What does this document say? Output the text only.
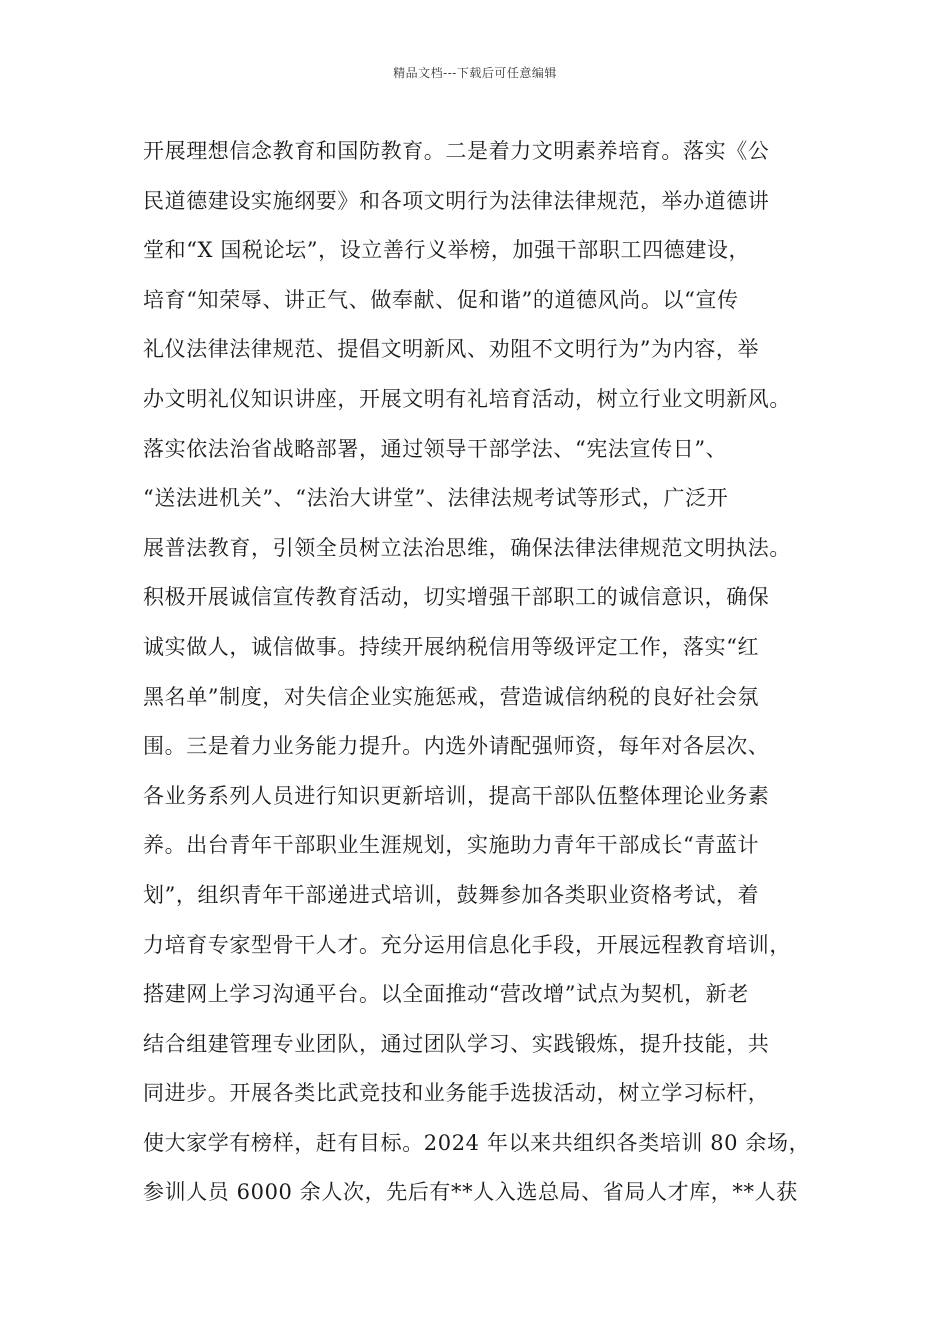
精品文档---下载后可任意编辑
开展理想信念教育和国防教育。二是着力文明素养培育。落实《公
民道德建设实施纲要》和各项文明行为法律法律规范，举办道德讲
堂和“X 国税论坛”，设立善行义举榜，加强干部职工四德建设，
培育“知荣辱、讲正气、做奉献、促和谐”的道德风尚。以“宣传
礼仪法律法律规范、提倡文明新风、劝阻不文明行为”为内容，举
办文明礼仪知识讲座，开展文明有礼培育活动，树立行业文明新风。
落实依法治省战略部署，通过领导干部学法、“宪法宣传日”、
“送法进机关”、“法治大讲堂”、法律法规考试等形式，广泛开
展普法教育，引领全员树立法治思维，确保法律法律规范文明执法。
积极开展诚信宣传教育活动，切实增强干部职工的诚信意识，确保
诚实做人，诚信做事。持续开展纳税信用等级评定工作，落实“红
黑名单”制度，对失信企业实施惩戒，营造诚信纳税的良好社会氛
围。三是着力业务能力提升。内选外请配强师资，每年对各层次、
各业务系列人员进行知识更新培训，提高干部队伍整体理论业务素
养。出台青年干部职业生涯规划，实施助力青年干部成长“青蓝计
划”，组织青年干部递进式培训，鼓舞参加各类职业资格考试，着
力培育专家型骨干人才。充分运用信息化手段，开展远程教育培训，
搭建网上学习沟通平台。以全面推动“营改增”试点为契机，新老
结合组建管理专业团队，通过团队学习、实践锻炼，提升技能，共
同进步。开展各类比武竞技和业务能手选拔活动，树立学习标杆，
使大家学有榜样，赶有目标。2024 年以来共组织各类培训 80 余场，
参训人员 6000 余人次，先后有**人入选总局、省局人才库，**人获
